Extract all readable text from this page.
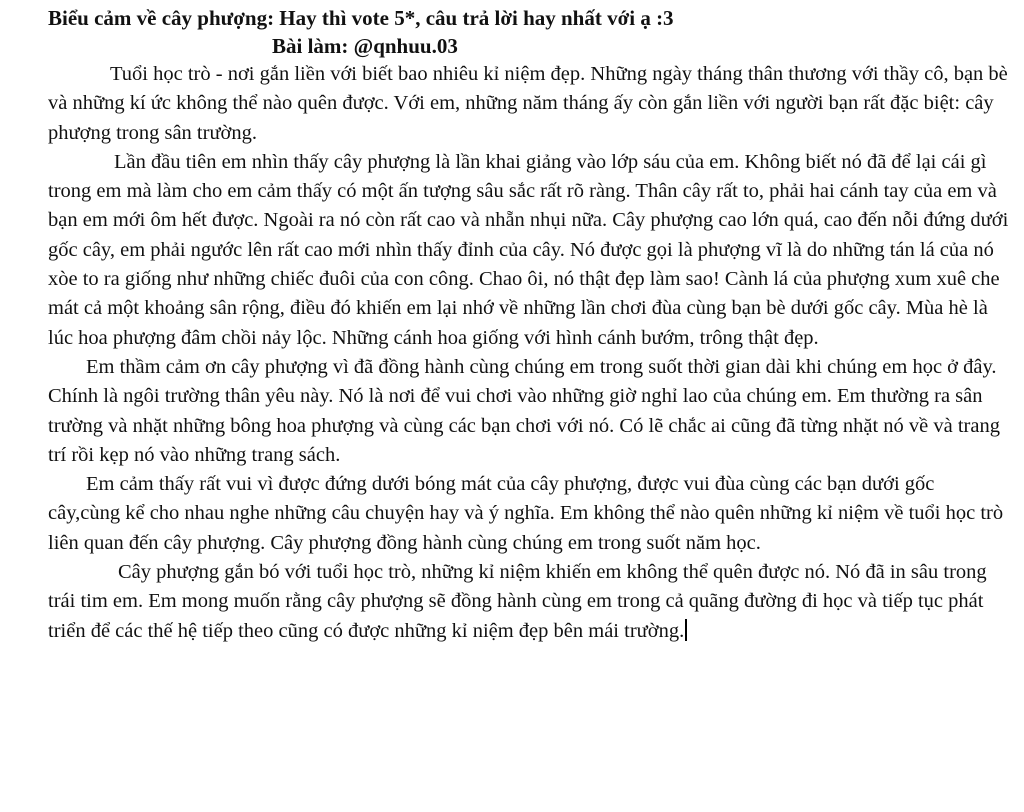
Biểu cảm về cây phượng: Hay thì vote 5*, câu trả lời hay nhất với ạ :3
Bài làm: @qnhuu.03

Tuổi học trò - nơi gắn liền với biết bao nhiêu kỉ niệm đẹp. Những ngày tháng thân thương với thầy cô, bạn bè và những kí ức không thể nào quên được. Với em, những năm tháng ấy còn gắn liền với người bạn rất đặc biệt: cây phượng trong sân trường.

Lần đầu tiên em nhìn thấy cây phượng là lần khai giảng vào lớp sáu của em. Không biết nó đã để lại cái gì trong em mà làm cho em cảm thấy có một ấn tượng sâu sắc rất rõ ràng. Thân cây rất to, phải hai cánh tay của em và bạn em mới ôm hết được. Ngoài ra nó còn rất cao và nhẵn nhụi nữa. Cây phượng cao lớn quá, cao đến nỗi đứng dưới gốc cây, em phải ngước lên rất cao mới nhìn thấy đỉnh của cây. Nó được gọi là phượng vĩ là do những tán lá của nó xòe to ra giống như những chiếc đuôi của con công. Chao ôi, nó thật đẹp làm sao! Cành lá của phượng xum xuê che mát cả một khoảng sân rộng, điều đó khiến em lại nhớ về những lần chơi đùa cùng bạn bè dưới gốc cây. Mùa hè là lúc hoa phượng đâm chồi nảy lộc. Những cánh hoa giống với hình cánh bướm, trông thật đẹp.

Em thầm cảm ơn cây phượng vì đã đồng hành cùng chúng em trong suốt thời gian dài khi chúng em học ở đây. Chính là ngôi trường thân yêu này. Nó là nơi để vui chơi vào những giờ nghỉ lao của chúng em. Em thường ra sân trường và nhặt những bông hoa phượng và cùng các bạn chơi với nó. Có lẽ chắc ai cũng đã từng nhặt nó về và trang trí rồi kẹp nó vào những trang sách.

Em cảm thấy rất vui vì được đứng dưới bóng mát của cây phượng, được vui đùa cùng các bạn dưới gốc cây,cùng kể cho nhau nghe những câu chuyện hay và ý nghĩa. Em không thể nào quên những kỉ niệm về tuổi học trò liên quan đến cây phượng. Cây phượng đồng hành cùng chúng em trong suốt năm học.

Cây phượng gắn bó với tuổi học trò, những kỉ niệm khiến em không thể quên được nó. Nó đã in sâu trong trái tim em. Em mong muốn rằng cây phượng sẽ đồng hành cùng em trong cả quãng đường đi học và tiếp tục phát triển để các thế hệ tiếp theo cũng có được những kỉ niệm đẹp bên mái trường.
